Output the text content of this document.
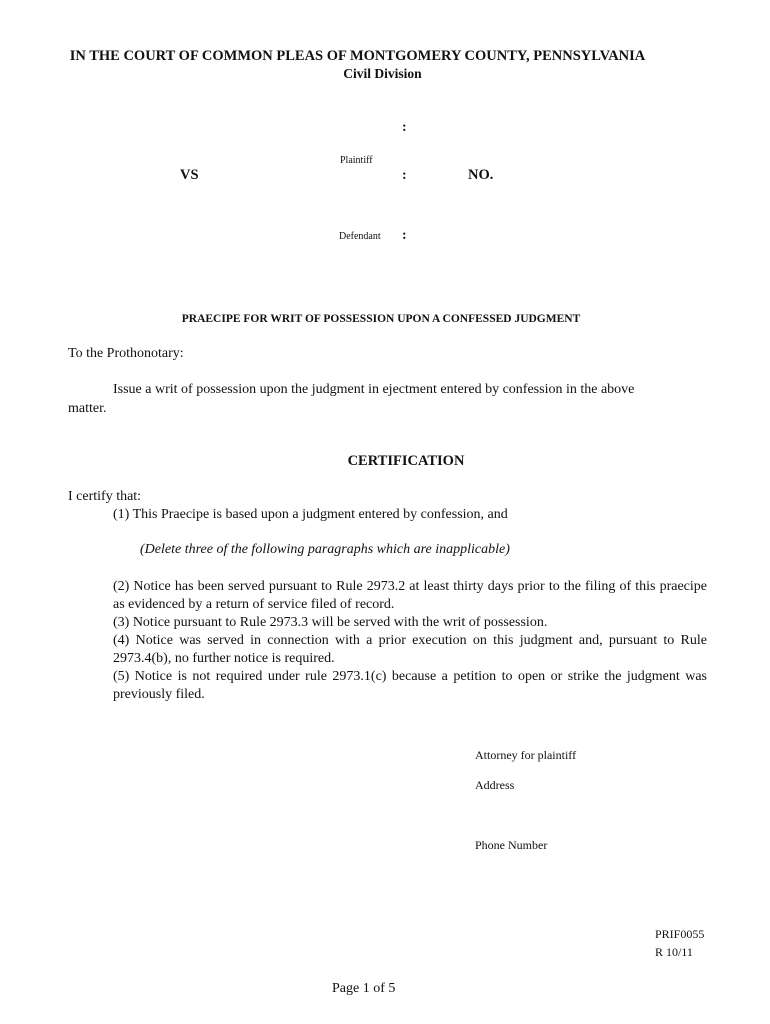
IN THE COURT OF COMMON PLEAS OF MONTGOMERY COUNTY, PENNSYLVANIA
Civil Division
:
Plaintiff
VS	:	NO.
Defendant :
PRAECIPE FOR WRIT OF POSSESSION UPON A CONFESSED JUDGMENT
To the Prothonotary:
Issue a writ of possession upon the judgment in ejectment entered by confession in the above
matter.
CERTIFICATION
I certify that:
(1) This Praecipe is based upon a judgment entered by confession, and
(Delete three of the following paragraphs which are inapplicable)
(2) Notice has been served pursuant to Rule 2973.2 at least thirty days prior to the filing of this praecipe as evidenced by a return of service filed of record.
(3) Notice pursuant to Rule 2973.3 will be served with the writ of possession.
(4) Notice was served in connection with a prior execution on this judgment and, pursuant to Rule 2973.4(b), no further notice is required.
(5) Notice is not required under rule 2973.1(c) because a petition to open or strike the judgment was previously filed.
Attorney for plaintiff
Address
Phone Number
PRIF0055
R 10/11
Page 1 of 5
